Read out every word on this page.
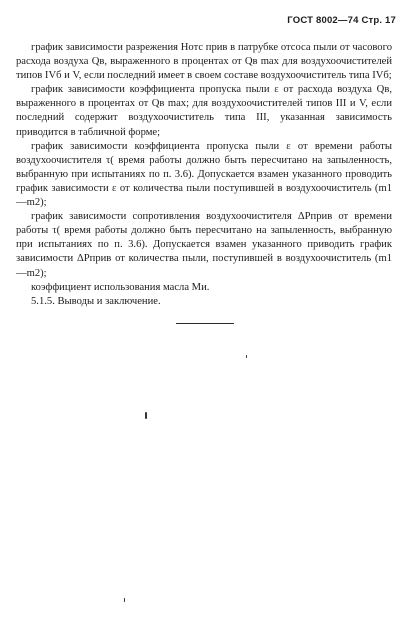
ГОСТ 8002—74 Стр. 17

график зависимости разрежения Hотс прив в патрубке отсоса пыли от часового расхода воздуха Qв, выраженного в процентах от Qв max для воздухоочистителей типов IVб и V, если последний имеет в своем составе воздухоочиститель типа IVб;

график зависимости коэффициента пропуска пыли ε от расхода воздуха Qв, выраженного в процентах от Qв max; для воздухоочистителей типов III и V, если последний содержит воздухоочиститель типа III, указанная зависимость приводится в табличной форме;

график зависимости коэффициента пропуска пыли ε от времени работы воздухоочистителя τ( время работы должно быть пересчитано на запыленность, выбранную при испытаниях по п. 3.6). Допускается взамен указанного проводить график зависимости ε от количества пыли поступившей в воздухоочиститель (m1—m2);

график зависимости сопротивления воздухоочистителя ΔPприв от времени работы τ( время работы должно быть пересчитано на запыленность, выбранную при испытаниях по п. 3.6). Допускается взамен указанного приводить график зависимости ΔPприв от количества пыли, поступившей в воздухоочиститель (m1—m2);

коэффициент использования масла Mи.

5.1.5. Выводы и заключение.
